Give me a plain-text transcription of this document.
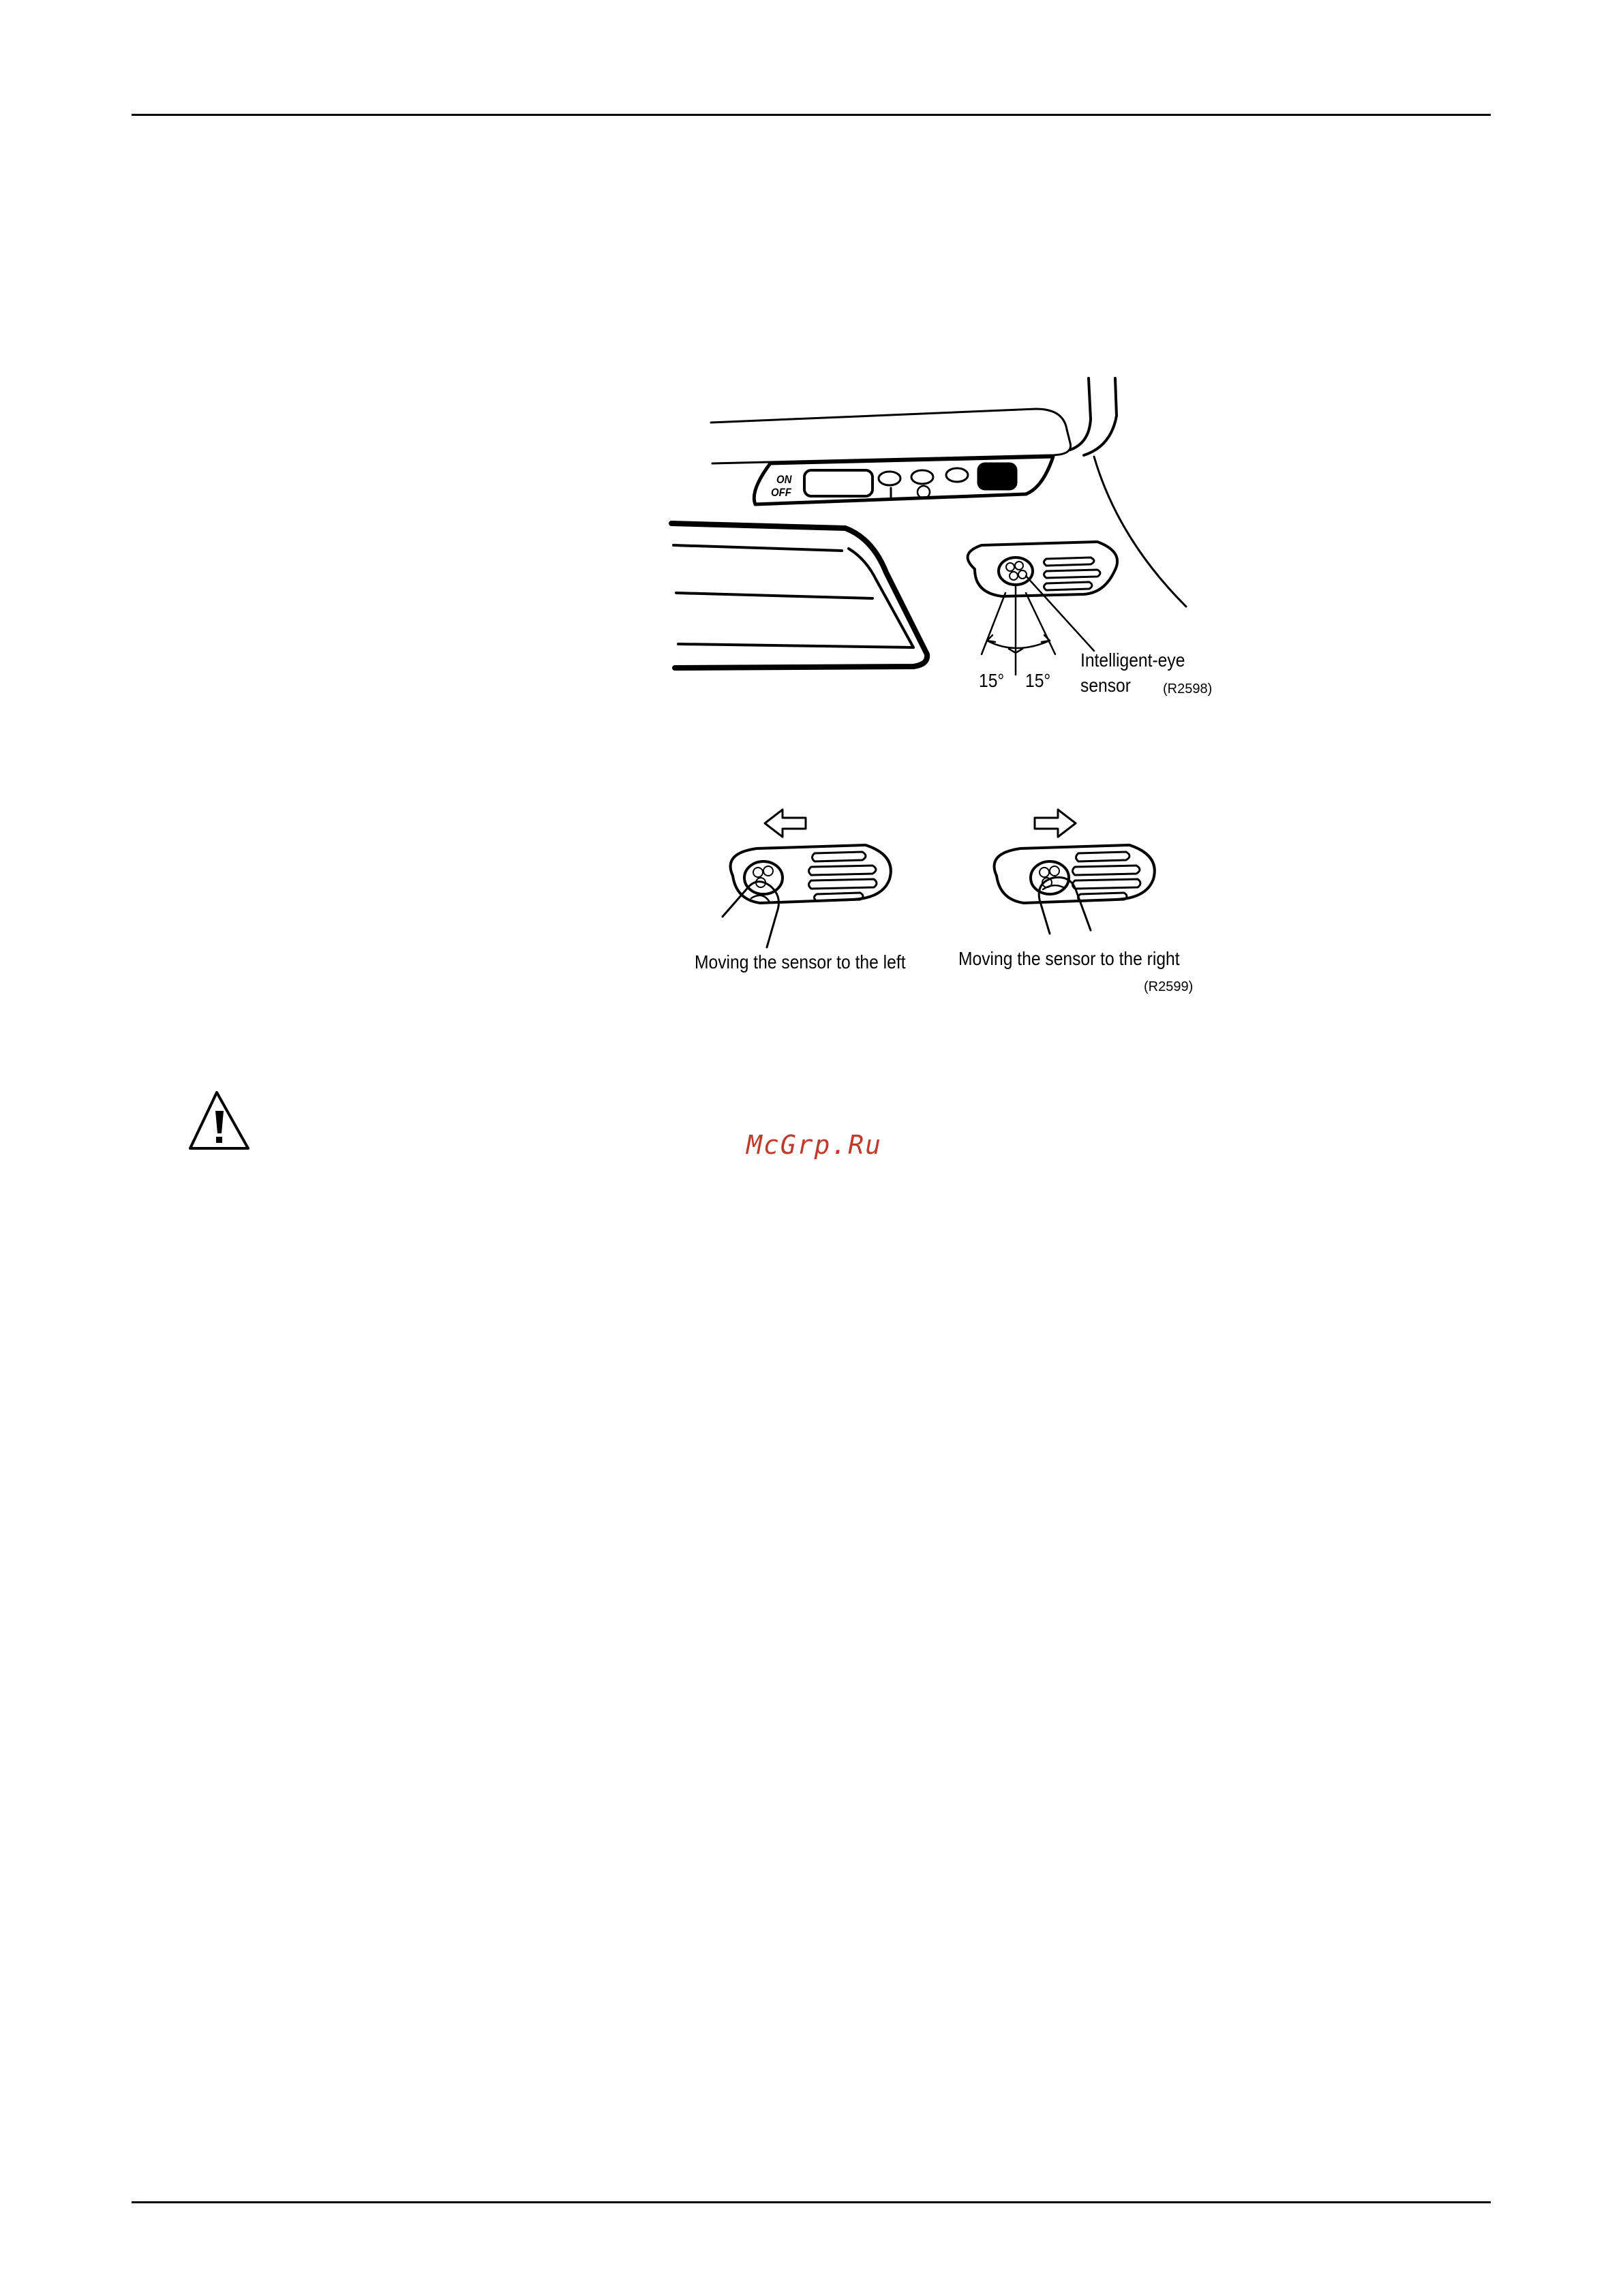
15° 15°
Intelligent-eye
sensor (R2598)
ON
OFF
Moving the sensor to the left	Moving the sensor to the right
(R2599)
McGrp.Ru
